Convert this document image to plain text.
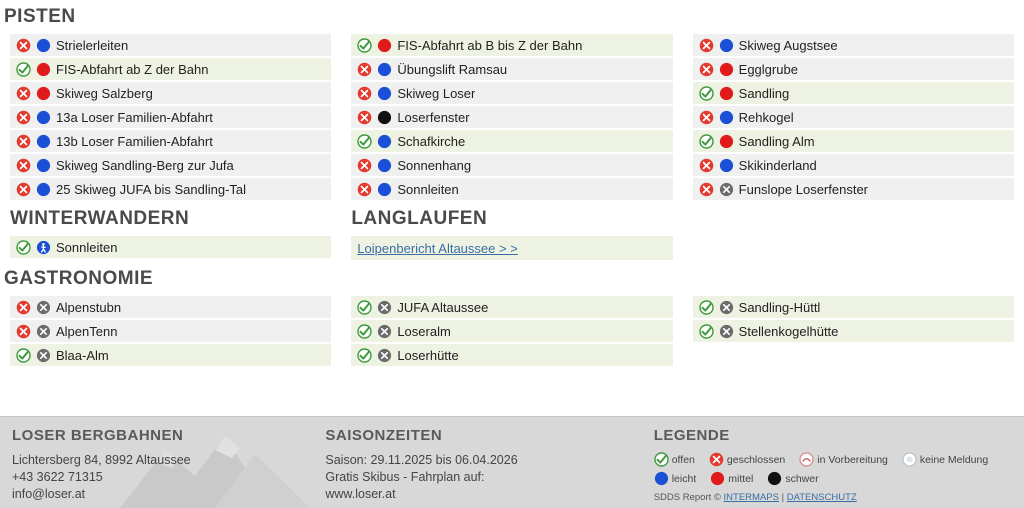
PISTEN
Strielerleiten
FIS-Abfahrt ab Z der Bahn
Skiweg Salzberg
13a Loser Familien-Abfahrt
13b Loser Familien-Abfahrt
Skiweg Sandling-Berg zur Jufa
25 Skiweg JUFA bis Sandling-Tal
FIS-Abfahrt ab B bis Z der Bahn
Übungslift Ramsau
Skiweg Loser
Loserfenster
Schafkirche
Sonnenhang
Sonnleiten
Skiweg Augstsee
Egglgrube
Sandling
Rehkogel
Sandling Alm
Skikinderland
Funslope Loserfenster
WINTERWANDERN	LANGLAUFEN
Sonnleiten	Loipenbericht Altaussee > >
GASTRONOMIE
Alpenstubn
AlpenTenn
Blaa-Alm
JUFA Altaussee
Loseralm
Loserhütte
Sandling-Hüttl
Stellenkogelhütte
LOSER BERGBAHNEN
Lichtersberg 84, 8992 Altaussee
+43 3622 71315
info@loser.at
SAISONZEITEN
Saison: 29.11.2025 bis 06.04.2026
Gratis Skibus - Fahrplan auf:
www.loser.at
LEGENDE
offen	geschlossen	in Vorbereitung	keine Meldung
leicht	mittel	schwer
SDDS Report © INTERMAPS | DATENSCHUTZ
